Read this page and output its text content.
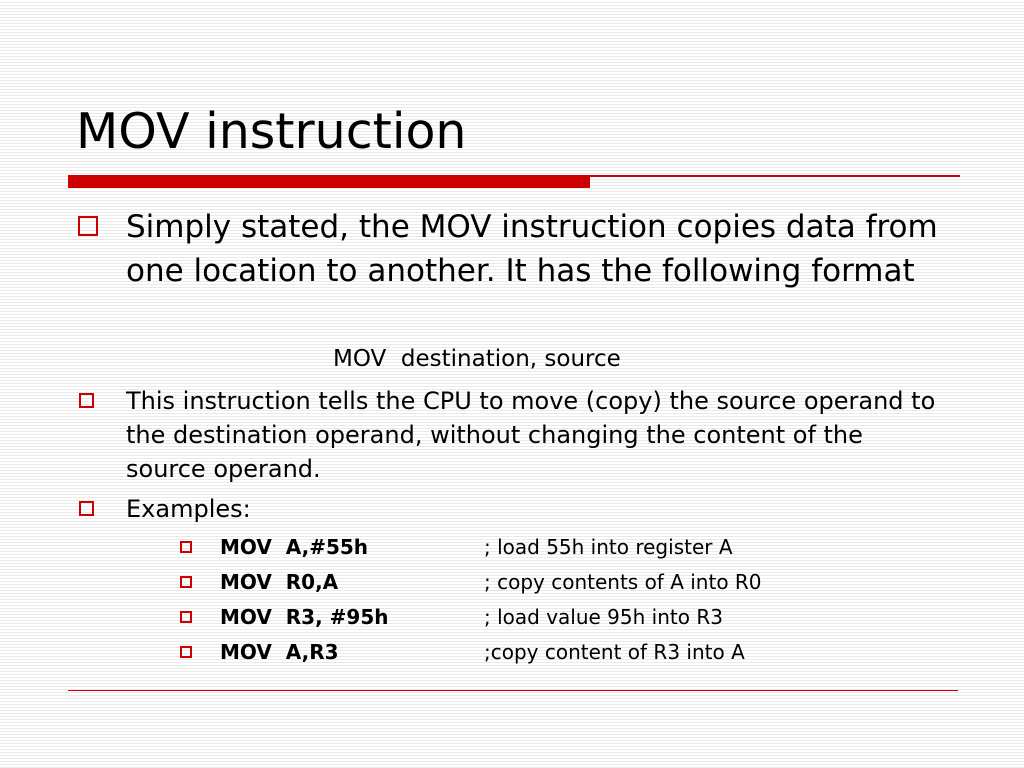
MOV instruction

Simply stated, the MOV instruction copies data from one location to another. It has the following format

MOV  destination, source

This instruction tells the CPU to move (copy) the source operand to the destination operand, without changing the content of the source operand.

Examples:

MOV  A,#55h	; load 55h into register A
MOV  R0,A	; copy contents of A into R0
MOV  R3, #95h	; load value 95h into R3
MOV  A,R3	;copy content of R3 into A
